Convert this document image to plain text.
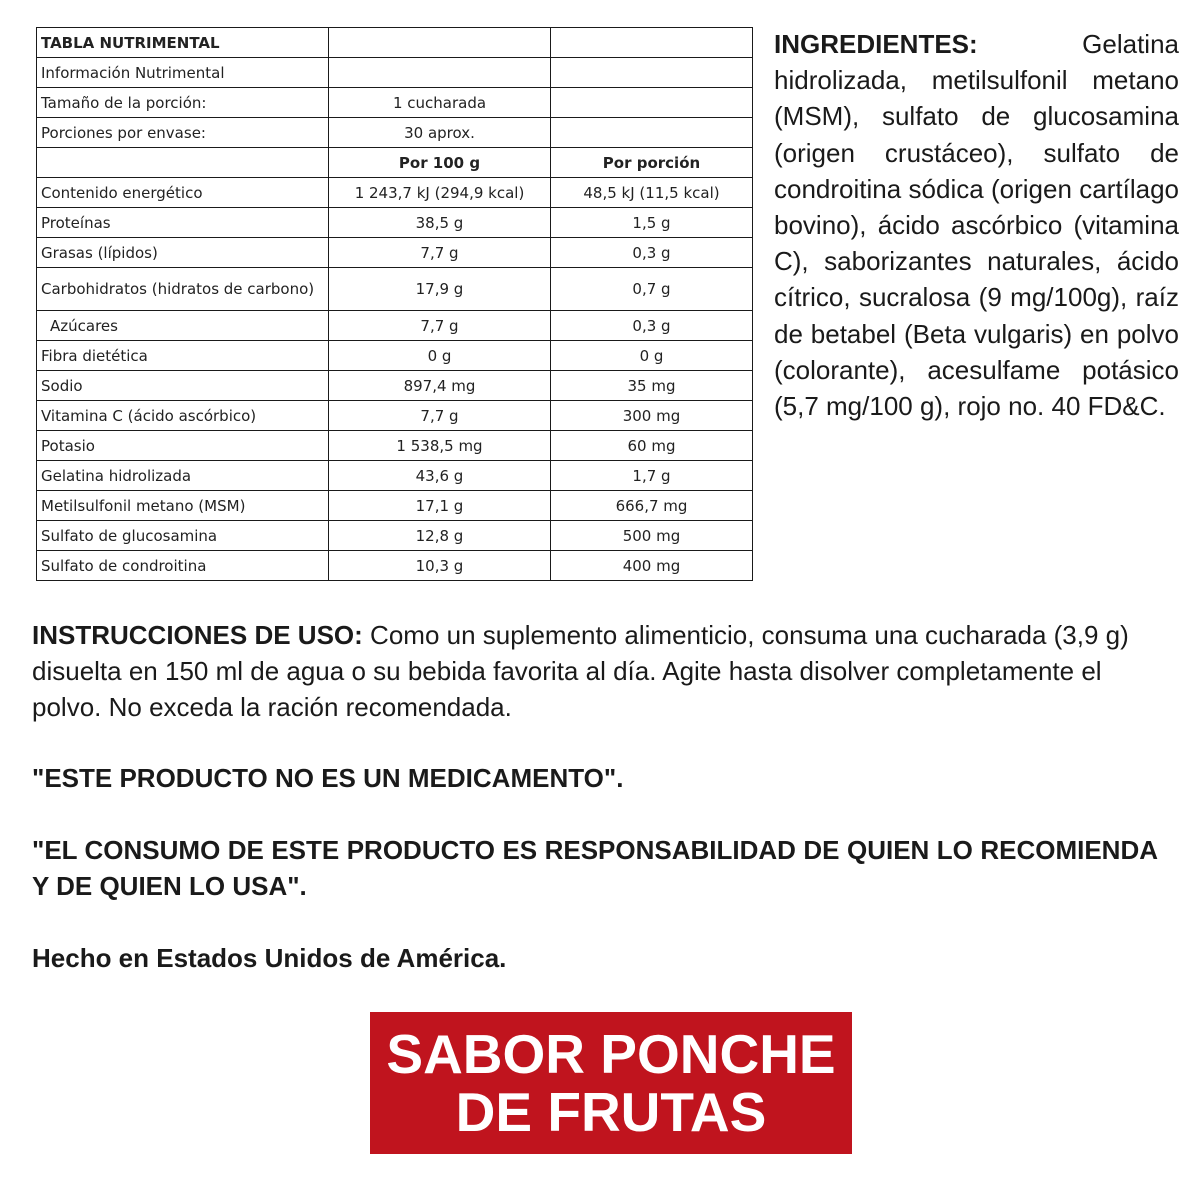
TABLA NUTRIMENTAL		
Información Nutrimental		
Tamaño de la porción:	1 cucharada	
Porciones por envase:	30 aprox.	
	Por 100 g	Por porción
Contenido energético	1 243,7 kJ (294,9 kcal)	48,5 kJ (11,5 kcal)
Proteínas	38,5 g	1,5 g
Grasas (lípidos)	7,7 g	0,3 g
Carbohidratos (hidratos de carbono)	17,9 g	0,7 g
Azúcares	7,7 g	0,3 g
Fibra dietética	0 g	0 g
Sodio	897,4 mg	35 mg
Vitamina C (ácido ascórbico)	7,7 g	300 mg
Potasio	1 538,5 mg	60 mg
Gelatina hidrolizada	43,6 g	1,7 g
Metilsulfonil metano (MSM)	17,1 g	666,7 mg
Sulfato de glucosamina	12,8 g	500 mg
Sulfato de condroitina	10,3 g	400 mg
INGREDIENTES:	Gelatina hidrolizada, metilsulfonil metano (MSM), sulfato de glucosamina (origen crustáceo), sulfato de condroitina sódica (origen cartílago bovino), ácido ascórbico (vitamina C), saborizantes naturales, ácido cítrico, sucralosa (9 mg/100g), raíz de betabel (Beta vulgaris) en polvo (colorante), acesulfame potásico (5,7 mg/100 g), rojo no. 40 FD&C.
INSTRUCCIONES DE USO: Como un suplemento alimenticio, consuma una cucharada (3,9 g) disuelta en 150 ml de agua o su bebida favorita al día. Agite hasta disolver completamente el polvo. No exceda la ración recomendada.
"ESTE PRODUCTO NO ES UN MEDICAMENTO".
"EL CONSUMO DE ESTE PRODUCTO ES RESPONSABILIDAD DE QUIEN LO RECOMIENDA Y DE QUIEN LO USA".
Hecho en Estados Unidos de América.
SABOR PONCHE
DE FRUTAS
